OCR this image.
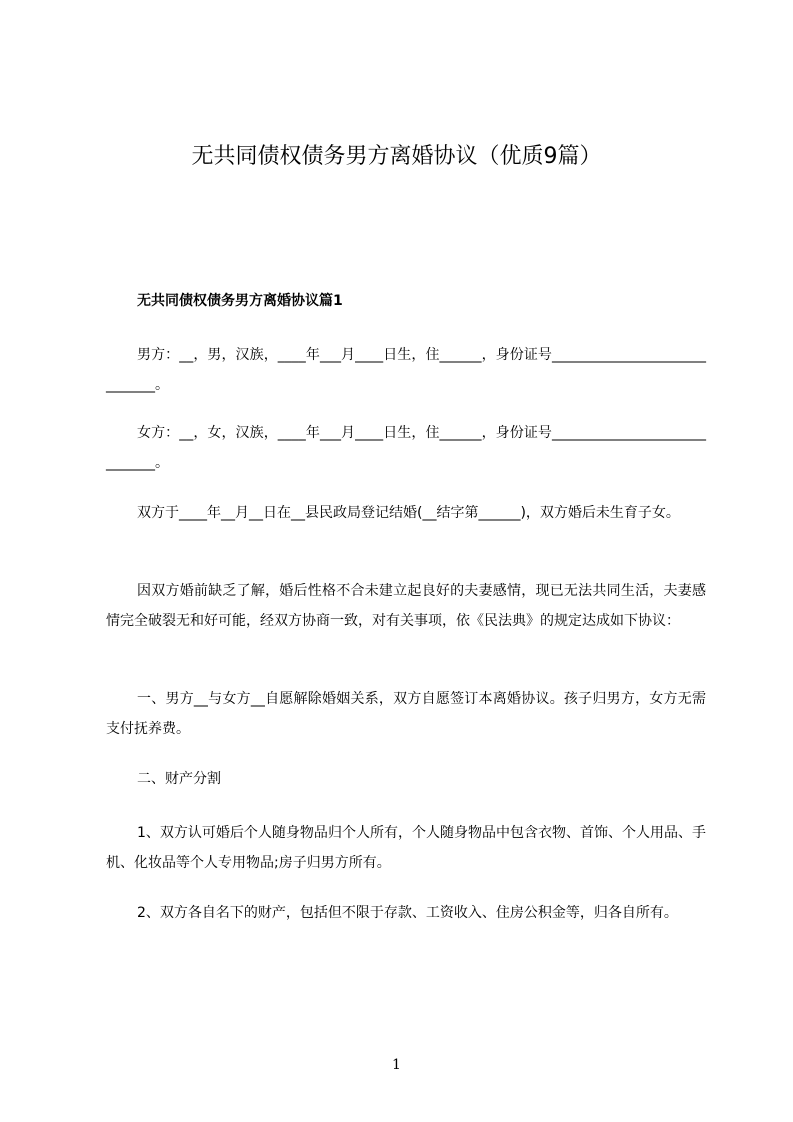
无共同债权债务男方离婚协议（优质9篇）
无共同债权债务男方离婚协议篇1

男方：__，男，汉族，____年___月____日生，住______，身份证号_____________________________。

女方：__，女，汉族，____年___月____日生，住______，身份证号_____________________________。

双方于____年__月__日在__县民政局登记结婚(__结字第______)，双方婚后未生育子女。

因双方婚前缺乏了解，婚后性格不合未建立起良好的夫妻感情，现已无法共同生活，夫妻感情完全破裂无和好可能，经双方协商一致，对有关事项，依《民法典》的规定达成如下协议：

一、男方__与女方__自愿解除婚姻关系，双方自愿签订本离婚协议。孩子归男方，女方无需支付抚养费。

二、财产分割

1、双方认可婚后个人随身物品归个人所有，个人随身物品中包含衣物、首饰、个人用品、手机、化妆品等个人专用物品;房子归男方所有。

2、双方各自名下的财产，包括但不限于存款、工资收入、住房公积金等，归各自所有。

1
